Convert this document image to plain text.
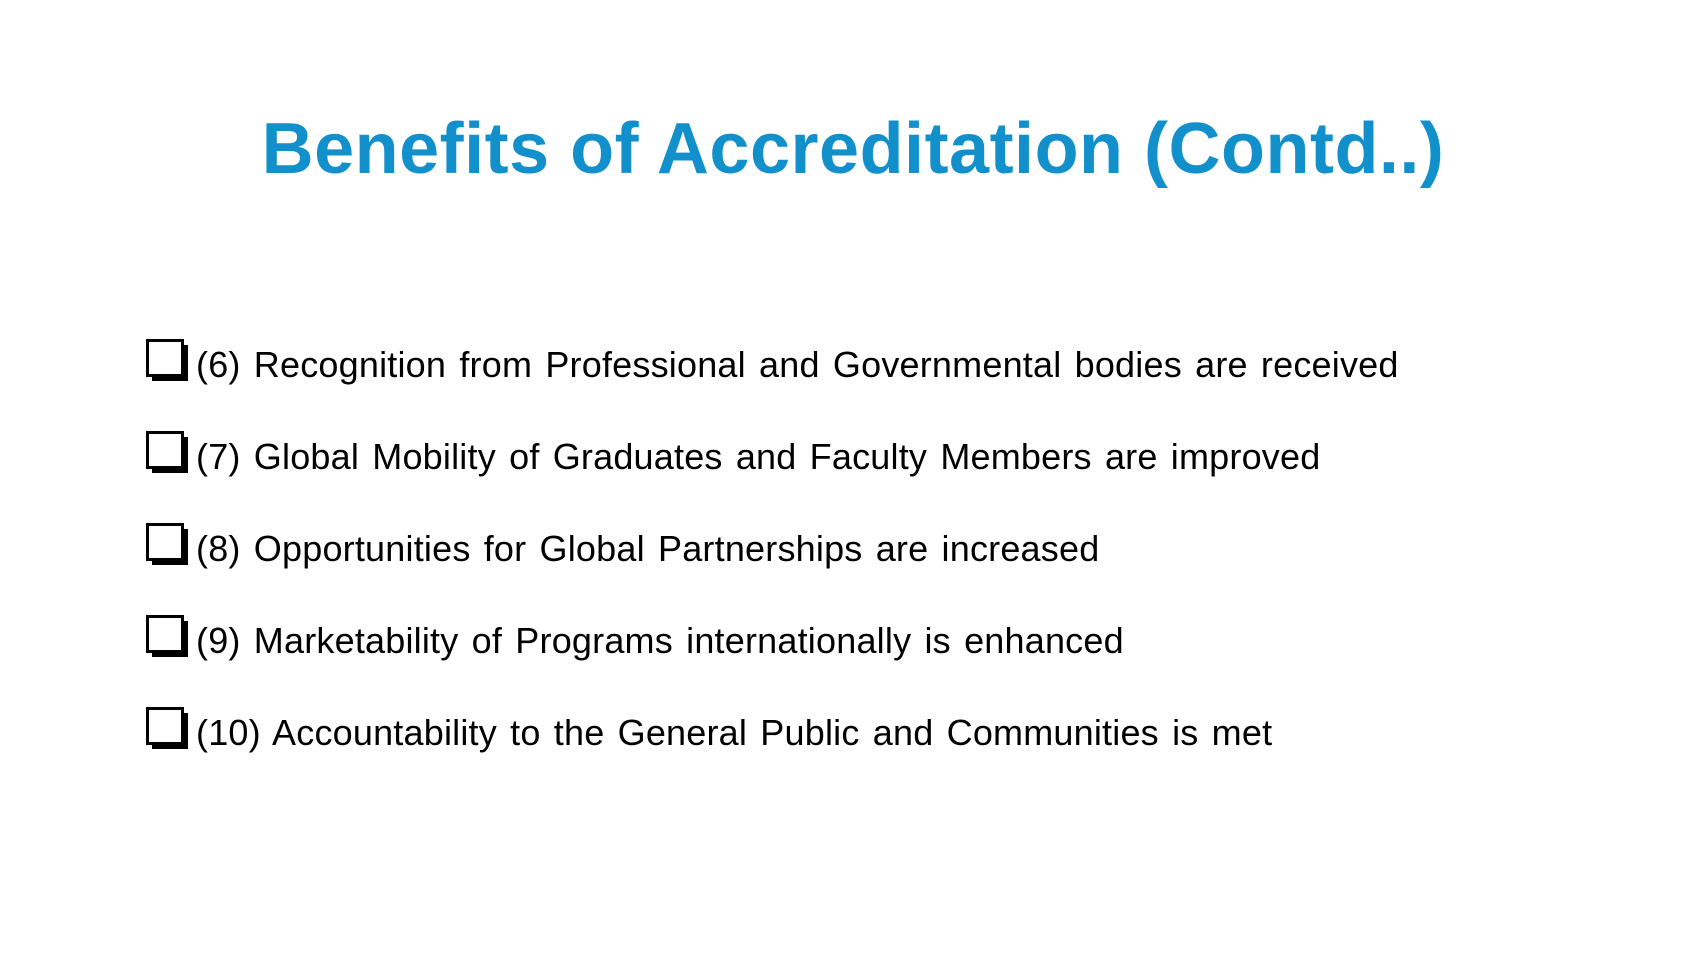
Benefits of Accreditation (Contd..)
(6) Recognition from Professional and Governmental bodies are received
(7) Global Mobility of Graduates and Faculty Members are improved
(8) Opportunities for Global Partnerships are increased
(9) Marketability of Programs internationally is enhanced
(10) Accountability to the General Public and Communities is met
